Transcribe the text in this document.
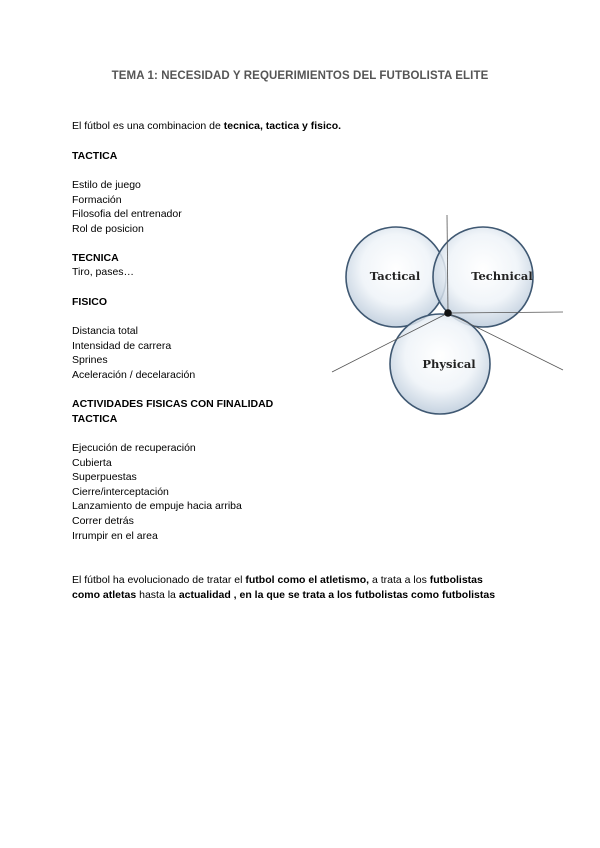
TEMA 1: NECESIDAD Y REQUERIMIENTOS DEL FUTBOLISTA ELITE
El fútbol es una combinacion de tecnica, tactica y fisico.
TACTICA
Estilo de juego
Formación
Filosofia del entrenador
Rol de posicion
TECNICA
Tiro, pases…
FISICO
Distancia total
Intensidad de carrera
Sprines
Aceleración / decelaración
ACTIVIDADES FISICAS CON FINALIDAD
TACTICA
Ejecución de recuperación
Cubierta
Superpuestas
Cierre/interceptación
Lanzamiento de empuje hacia arriba
Correr detrás
Irrumpir en el area
El fútbol ha evolucionado de tratar el futbol como el atletismo, a trata a los futbolistas
como atletas hasta la actualidad , en la que se trata a los futbolistas como futbolistas
Tactical	Technical
Physical
